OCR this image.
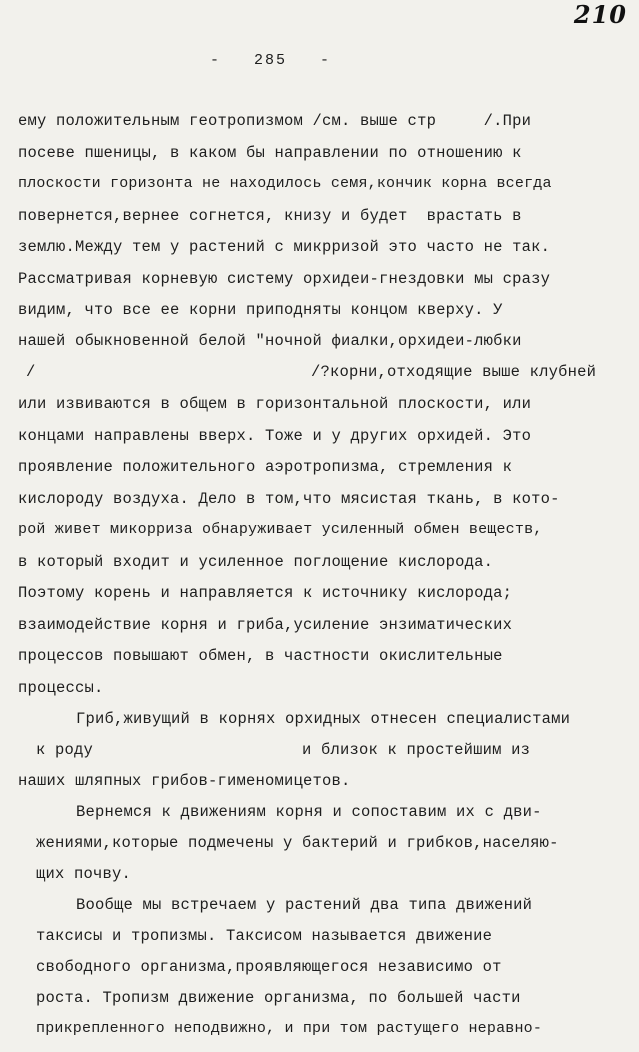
210
-   285   -
ему положительным геотропизмом /см. выше стр     /.При
посеве пшеницы, в каком бы направлении по отношению к
плоскости горизонта не находилось семя,кончик корна всегда
повернется,вернее согнется, книзу и будет  врастать в
землю.Между тем у растений с микрризой это часто не так.
Рассматривая корневую систему орхидеи-гнездовки мы сразу
видим, что все ее корни приподняты концом кверху. У
нашей обыкновенной белой "ночной фиалки,орхидеи-любки
/                             /?корни,отходящие выше клубней
или извиваются в общем в горизонтальной плоскости, или
концами направлены вверх. Тоже и у других орхидей. Это
проявление положительного аэротропизма, стремления к
кислороду воздуха. Дело в том,что мясистая ткань, в кото-
рой живет микорриза обнаруживает усиленный обмен веществ,
в который входит и усиленное поглощение кислорода.
Поэтому корень и направляется к источнику кислорода;
взаимодействие корня и гриба,усиление энзиматических
процессов повышают обмен, в частности окислительные
процессы.
Гриб,живущий в корнях орхидных отнесен специалистами
к роду                      и близок к простейшим из
наших шляпных грибов-гименомицетов.
Вернемся к движениям корня и сопоставим их с дви-
жениями,которые подмечены у бактерий и грибков,населяю-
щих почву.
Вообще мы встречаем у растений два типа движений
таксисы и тропизмы. Таксисом называется движение
свободного организма,проявляющегося независимо от
роста. Тропизм движение организма, по большей части
прикрепленного неподвижно, и при том растущего неравно-
